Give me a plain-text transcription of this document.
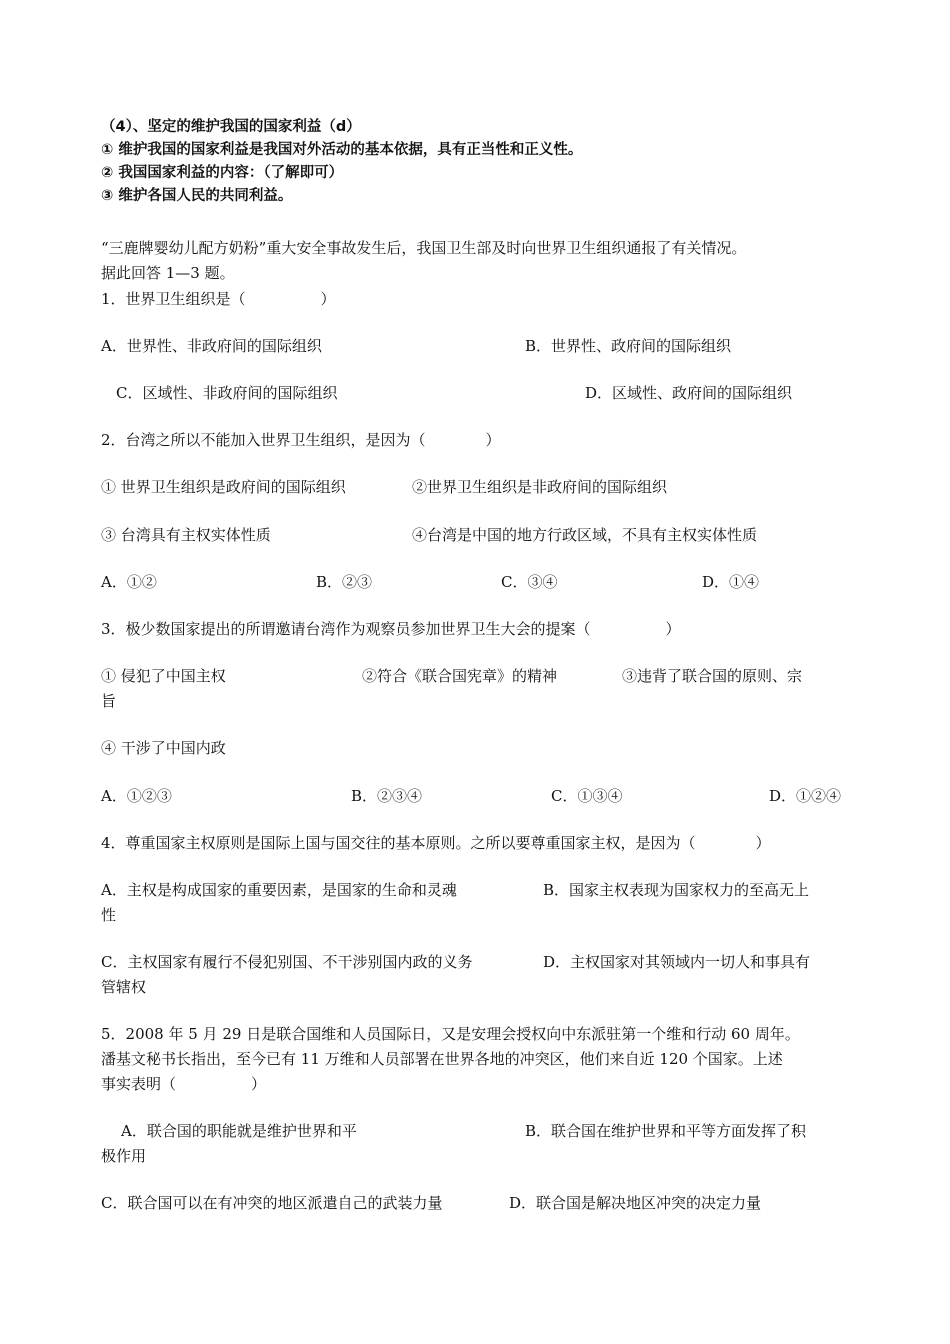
（4）、坚定的维护我国的国家利益（d）
① 维护我国的国家利益是我国对外活动的基本依据，具有正当性和正义性。
② 我国国家利益的内容：（了解即可）
③ 维护各国人民的共同利益。
“三鹿牌婴幼儿配方奶粉”重大安全事故发生后，我国卫生部及时向世界卫生组织通报了有关情况。
据此回答 1—3 题。
1．世界卫生组织是（　　　　　）
A．世界性、非政府间的国际组织	B．世界性、政府间的国际组织
C．区域性、非政府间的国际组织	D．区域性、政府间的国际组织
2．台湾之所以不能加入世界卫生组织，是因为（　　　　）
① 世界卫生组织是政府间的国际组织	②世界卫生组织是非政府间的国际组织
③ 台湾具有主权实体性质	④台湾是中国的地方行政区域，不具有主权实体性质
A．①②	B．②③	C．③④	D．①④
3．极少数国家提出的所谓邀请台湾作为观察员参加世界卫生大会的提案（　　　　　）
① 侵犯了中国主权	②符合《联合国宪章》的精神	③违背了联合国的原则、宗
旨
④ 干涉了中国内政
A．①②③	B．②③④	C．①③④	D．①②④
4．尊重国家主权原则是国际上国与国交往的基本原则。之所以要尊重国家主权，是因为（　　　　）
A．主权是构成国家的重要因素，是国家的生命和灵魂	B．国家主权表现为国家权力的至高无上
性
C．主权国家有履行不侵犯别国、不干涉别国内政的义务	D．主权国家对其领域内一切人和事具有
管辖权
5．2008 年 5 月 29 日是联合国维和人员国际日，又是安理会授权向中东派驻第一个维和行动 60 周年。
潘基文秘书长指出，至今已有 11 万维和人员部署在世界各地的冲突区，他们来自近 120 个国家。上述
事实表明（　　　　　）
A．联合国的职能就是维护世界和平	B．联合国在维护世界和平等方面发挥了积
极作用
C．联合国可以在有冲突的地区派遣自己的武装力量	D．联合国是解决地区冲突的决定力量
